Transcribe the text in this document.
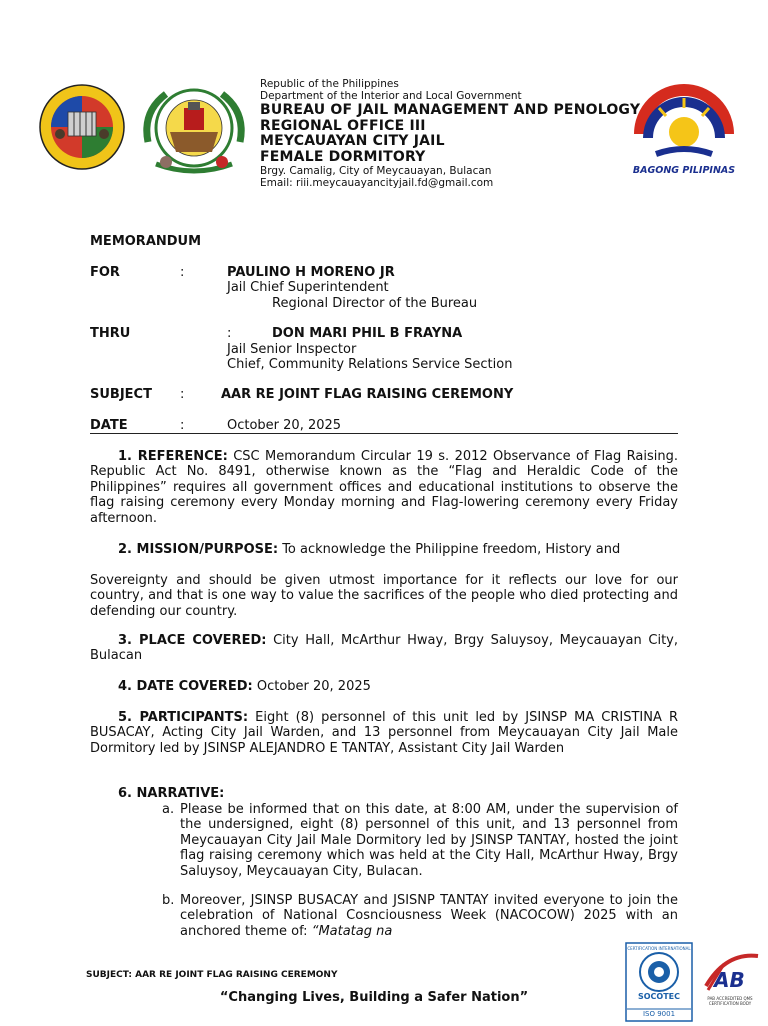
Republic of the Philippines
Department of the Interior and Local Government
BUREAU OF JAIL MANAGEMENT AND PENOLOGY
REGIONAL OFFICE III
MEYCAUAYAN CITY JAIL
FEMALE DORMITORY
Brgy. Camalig, City of Meycauayan, Bulacan
Email: riii.meycauayancityjail.fd@gmail.com
BAGONG PILIPINAS
MEMORANDUM
FOR	:	PAULINO H MORENO JR
Jail Chief Superintendent
Regional Director of the Bureau
THRU	:	DON MARI PHIL B FRAYNA
Jail Senior Inspector
Chief, Community Relations Service Section
SUBJECT :	AAR RE JOINT FLAG RAISING CEREMONY
DATE	:	October 20, 2025
1. REFERENCE: CSC Memorandum Circular 19 s. 2012 Observance of Flag Raising. Republic Act No. 8491, otherwise known as the “Flag and Heraldic Code of the Philippines” requires all government offices and educational institutions to observe the flag raising ceremony every Monday morning and Flag-lowering ceremony every Friday afternoon.
2. MISSION/PURPOSE: To acknowledge the Philippine freedom, History and
Sovereignty and should be given utmost importance for it reflects our love for our country, and that is one way to value the sacrifices of the people who died protecting and defending our country.
3. PLACE COVERED: City Hall, McArthur Hway, Brgy Saluysoy, Meycauayan City, Bulacan
4. DATE COVERED: October 20, 2025
5. PARTICIPANTS: Eight (8) personnel of this unit led by JSINSP MA CRISTINA R BUSACAY, Acting City Jail Warden, and 13 personnel from Meycauayan City Jail Male Dormitory led by JSINSP ALEJANDRO E TANTAY, Assistant City Jail Warden
6. NARRATIVE:
a. Please be informed that on this date, at 8:00 AM, under the supervision of the undersigned, eight (8) personnel of this unit, and 13 personnel from Meycauayan City Jail Male Dormitory led by JSINSP TANTAY, hosted the joint flag raising ceremony which was held at the City Hall, McArthur Hway, Brgy Saluysoy, Meycauayan City, Bulacan.
b. Moreover, JSINSP BUSACAY and JSISNP TANTAY invited everyone to join the celebration of National Cosnciousness Week (NACOCOW) 2025 with an anchored theme of: “Matatag na
SUBJECT: AAR RE JOINT FLAG RAISING CEREMONY
“Changing Lives, Building a Safer Nation”	SOCOTEC
ISO 9001
CERTIFICATION INTERNATIONAL
AB
PAB ACCREDITED QMS CERTIFICATION BODY
